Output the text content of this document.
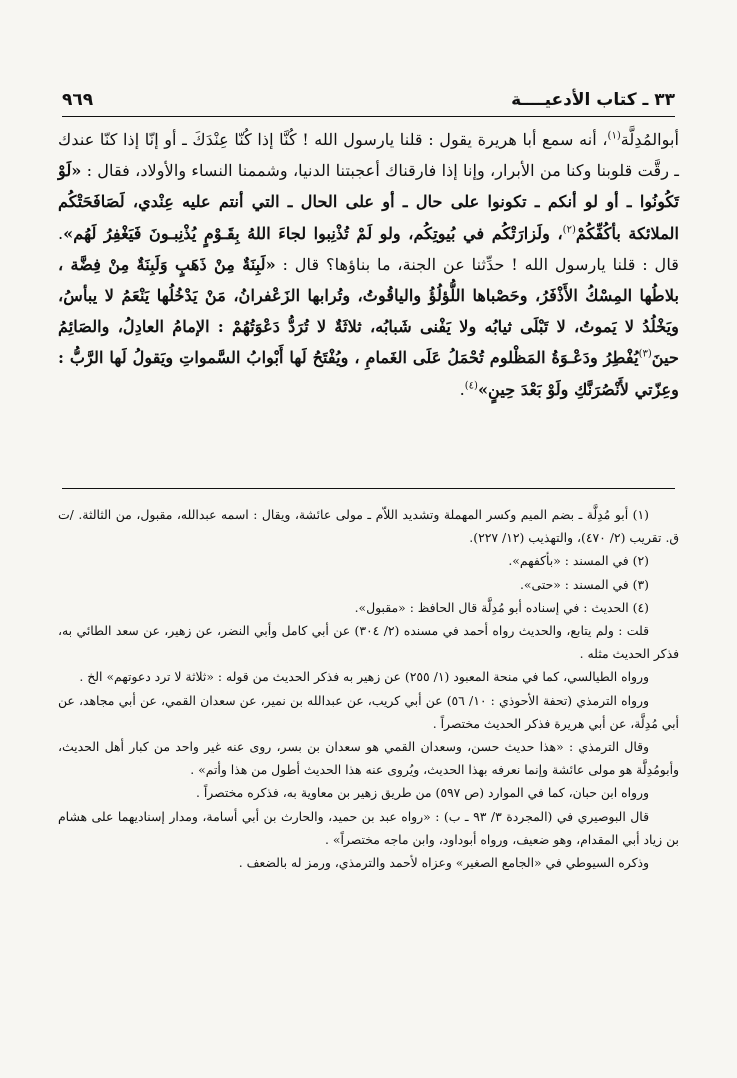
٣٣ ـ كتاب الأدعيــــة
٩٦٩

أبوالمُدِلَّة$^{(١)}$، أنه سمع أبا هريرة يقول : قلنا يارسول الله ! كُنَّا إذا كُنّا عِنْدَكَ ـ أو إنّا إذا كنّا عندك ـ رقَّت قلوبنا وكنا من الأبرار، وإنا إذا فارقناك أعجبتنا الدنيا، وشممنا النساء والأولاد، فقال : «لَوْ تَكُونُوا ـ أو لو أنكم ـ تكونوا على حال ـ أو على الحال ـ التي أنتم عليه عِنْدي، لَصَافَحَتْكُم الملائكة بأكُفِّكُمْ$^{(٢)}$، ولَزارَتْكُم في بُيوتِكُم، ولو لَمْ تُذْنِبوا لجاءَ اللهُ بِقَـوْمٍ يُذْنِبـونَ فَيَغْفِرُ لَهُم». قال : قلنا يارسول الله ! حدِّثنا عن الجنة، ما بناؤها؟ قال : «لَبِنَةٌ مِنْ ذَهَبٍ وَلَبِنَةٌ مِنْ فِضَّة ، بلاطُها المِسْكُ الأَذْفَرُ، وحَصْباها اللُّؤلُؤُ والياقُوتُ، وتُرابها الزَعْفرانُ، مَنْ يَدْخُلُها يَنْعَمُ لا يبأسُ، ويَخْلُدُ لا يَموتُ، لا تَبْلَى ثيابُه ولا يَفْنى شَبابُه، ثلاثَةٌ لا تُرَدُّ دَعْوَتُهُمْ : الإمامُ العادِلُ، والصَائِمُ حينَ$^{(٣)}$يُفْطِرُ ودَعْـوَةُ المَظْلوم تُحْمَلُ عَلَى الغَمامِ ، ويُفْتَحُ لَها أَبْوابُ السَّمواتِ ويَقولُ لَها الرَّبُّ : وعِزّتي لأَنْصُرَنَّكِ ولَوْ بَعْدَ حِينٍ»$^{(٤)}$.

(١) أبو مُدِلَّة ـ بضم الميم وكسر المهملة وتشديد اللاّم ـ مولى عائشة، ويقال : اسمه عبدالله، مقبول، من الثالثة. /ت ق. تقريب (٢/ ٤٧٠)، والتهذيب (١٢/ ٢٢٧).

(٢) في المسند : «بأكفهم».

(٣) في المسند : «حتى».

(٤) الحديث : في إسناده أبو مُدِلَّة قال الحافظ : «مقبول».

قلت : ولم يتابع، والحديث رواه أحمد في مسنده (٢/ ٣٠٤) عن أبي كامل وأبي النضر، عن زهير، عن سعد الطائي به، فذكر الحديث مثله .

ورواه الطيالسي، كما في منحة المعبود (١/ ٢٥٥) عن زهير به فذكر الحديث من قوله : «ثلاثة لا ترد دعوتهم» الخ .

ورواه الترمذي (تحفة الأحوذي : ١٠/ ٥٦) عن أبي كريب، عن عبدالله بن نمير، عن سعدان القمي، عن أبي مجاهد، عن أبي مُدِلَّة، عن أبي هريرة فذكر الحديث مختصراً .

وقال الترمذي : «هذا حديث حسن، وسعدان القمي هو سعدان بن بسر، روى عنه غير واحد من كبار أهل الحديث، وأبومُدِلَّة هو مولى عائشة وإنما نعرفه بهذا الحديث، ويُروى عنه هذا الحديث أطول من هذا وأتم» .

ورواه ابن حبان، كما في الموارد (ص ٥٩٧) من طريق زهير بن معاوية به، فذكره مختصراً .

قال البوصيري في (المجردة ٣/ ٩٣ ـ ب) : «رواه عبد بن حميد، والحارث بن أبي أسامة، ومدار إسناديهما على هشام بن زياد أبي المقدام، وهو ضعيف، ورواه أبوداود، وابن ماجه مختصراً» .

وذكره السيوطي في «الجامع الصغير» وعزاه لأحمد والترمذي، ورمز له بالضعف .
